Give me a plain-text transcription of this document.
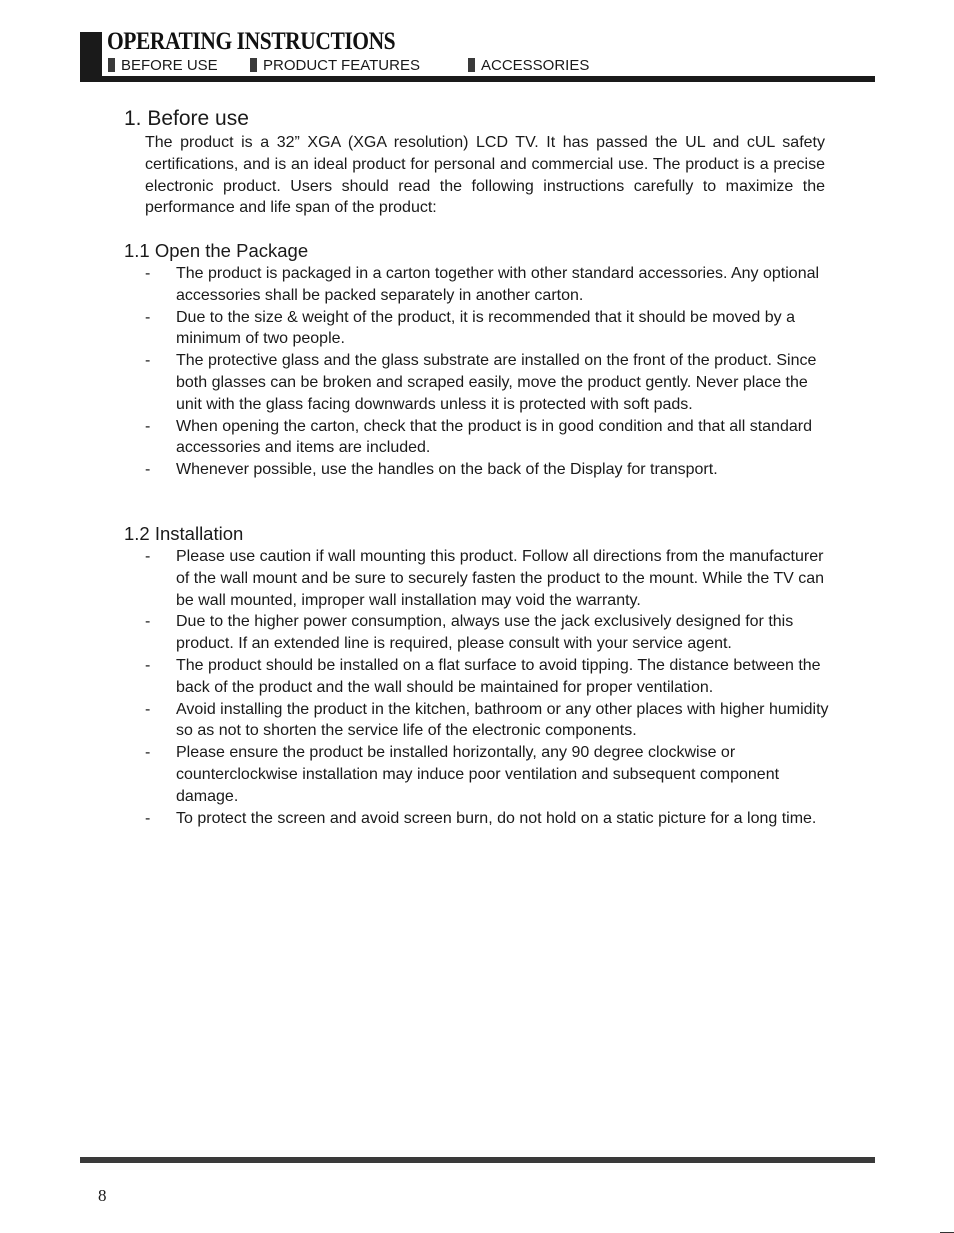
OPERATING INSTRUCTIONS
BEFORE USE	PRODUCT FEATURES	ACCESSORIES
1. Before use
The product is a 32” XGA (XGA resolution) LCD TV. It has passed the UL and cUL safety certifications, and is an ideal product for personal and commercial use. The product is a precise electronic product. Users should read the following instructions carefully to maximize the performance and life span of the product:
1.1 Open the Package
- The product is packaged in a carton together with other standard accessories. Any optional accessories shall be packed separately in another carton.
- Due to the size & weight of the product, it is recommended that it should be moved by a minimum of two people.
- The protective glass and the glass substrate are installed on the front of the product. Since both glasses can be broken and scraped easily, move the product gently. Never place the unit with the glass facing downwards unless it is protected with soft pads.
- When opening the carton, check that the product is in good condition and that all standard accessories and items are included.
- Whenever possible, use the handles on the back of the Display for transport.
1.2 Installation
- Please use caution if wall mounting this product. Follow all directions from the manufacturer of the wall mount and be sure to securely fasten the product to the mount. While the TV can be wall mounted, improper wall installation may void the warranty.
- Due to the higher power consumption, always use the jack exclusively designed for this product. If an extended line is required, please consult with your service agent.
- The product should be installed on a flat surface to avoid tipping. The distance between the back of the product and the wall should be maintained for proper ventilation.
- Avoid installing the product in the kitchen, bathroom or any other places with higher humidity so as not to shorten the service life of the electronic components.
- Please ensure the product be installed horizontally, any 90 degree clockwise or counterclockwise installation may induce poor ventilation and subsequent component damage.
- To protect the screen and avoid screen burn, do not hold on a static picture for a long time.
8
